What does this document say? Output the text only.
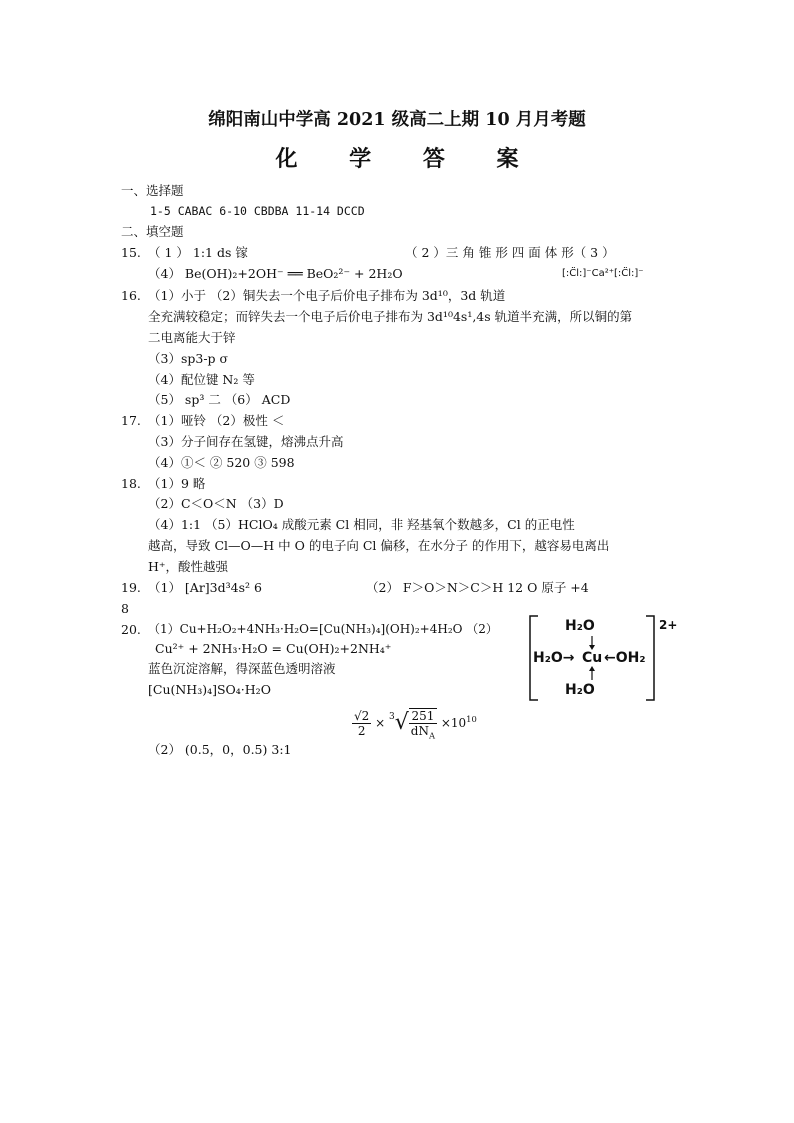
绵阳南山中学高 2021 级高二上期 10 月月考题
化 学 答 案
一、选择题
1-5 CABAC 6-10 CBDBA 11-14 DCCD
二、填空题
15. （ 1 ） 1:1 ds 镓	（ 2 ）三 角 锥 形 四 面 体 形（ 3 ）
（4） Be(OH)₂+2OH⁻ ══ BeO₂²⁻ + 2H₂O	[:C̈l:]⁻Ca²⁺[:C̈l:]⁻
16. （1）小于 （2）铜失去一个电子后价电子排布为 3d¹⁰，3d 轨道
全充满较稳定；而锌失去一个电子后价电子排布为 3d¹⁰4s¹,4s 轨道半充满，所以铜的第
二电离能大于锌
（3）sp3-p σ
（4）配位键 N₂ 等
（5） sp³ 二 （6） ACD
17. （1）哑铃 （2）极性 ＜
（3）分子间存在氢键，熔沸点升高
（4）①＜ ② 520 ③ 598
18. （1）9 略
（2）C＜O＜N （3）D
（4）1:1 （5）HClO₄ 成酸元素 Cl 相同，非 羟基氧个数越多，Cl 的正电性
越高，导致 Cl—O—H 中 O 的电子向 Cl 偏移，在水分子 的作用下，越容易电离出
H⁺，酸性越强
19. （1） [Ar]3d³4s² 6	（2） F＞O＞N＞C＞H 12 O 原子 +4
8
20. （1）Cu+H₂O₂+4NH₃·H₂O=[Cu(NH₃)₄](OH)₂+4H₂O （2）
Cu²⁺ + 2NH₃·H₂O = Cu(OH)₂+2NH₄⁺
蓝色沉淀溶解，得深蓝色透明溶液
[Cu(NH₃)₄]SO₄·H₂O
$\frac{√2}{2} \times ^3√ \frac{251}{dN_A} \times 10^{10}$
（2） (0.5，0，0.5) 3:1
H₂O
H₂O→ Cu ←OH₂
H₂O
2+
